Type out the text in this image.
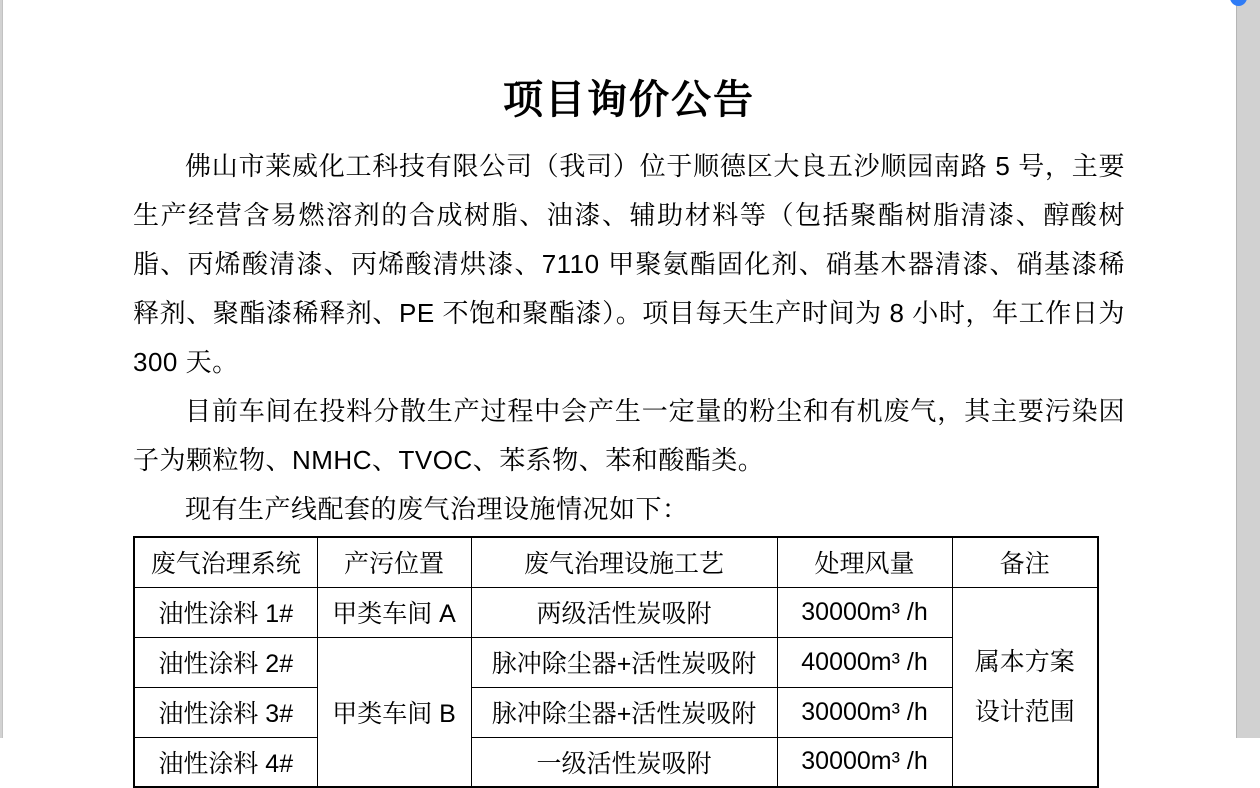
项目询价公告

佛山市莱威化工科技有限公司（我司）位于顺德区大良五沙顺园南路 5 号，主要生产经营含易燃溶剂的合成树脂、油漆、辅助材料等（包括聚酯树脂清漆、醇酸树脂、丙烯酸清漆、丙烯酸清烘漆、7110 甲聚氨酯固化剂、硝基木器清漆、硝基漆稀释剂、聚酯漆稀释剂、PE 不饱和聚酯漆）。项目每天生产时间为 8 小时，年工作日为 300 天。

目前车间在投料分散生产过程中会产生一定量的粉尘和有机废气，其主要污染因子为颗粒物、NMHC、TVOC、苯系物、苯和酸酯类。

现有生产线配套的废气治理设施情况如下：

废气治理系统	产污位置	废气治理设施工艺	处理风量	备注
油性涂料 1#	甲类车间 A	两级活性炭吸附	30000m³ /h	属本方案
设计范围

油性涂料 2#	甲类车间 B	脉冲除尘器+活性炭吸附	40000m³ /h	
油性涂料 3#		脉冲除尘器+活性炭吸附	30000m³ /h	
油性涂料 4#		一级活性炭吸附	30000m³ /h	
